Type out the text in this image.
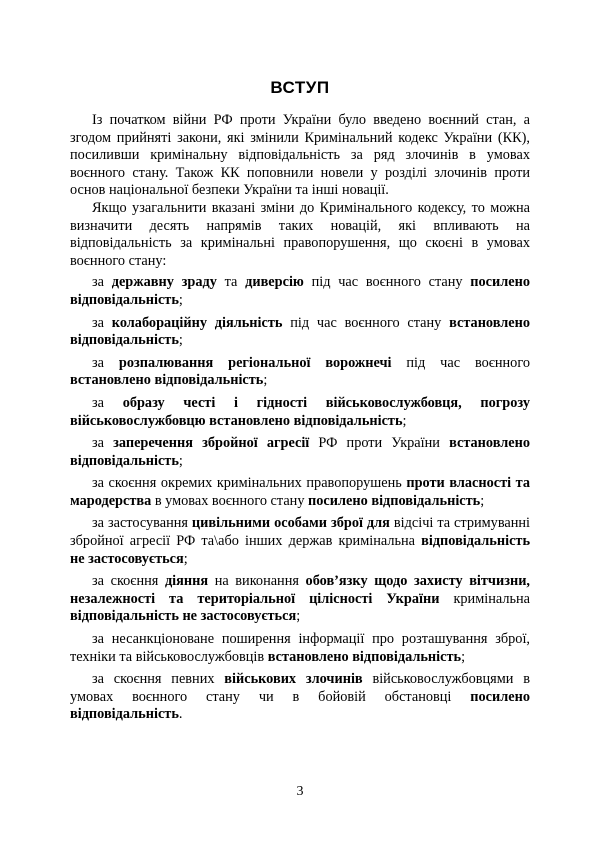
ВСТУП

Із початком війни РФ проти України було введено воєнний стан, а згодом прийняті закони, які змінили Кримінальний кодекс України (КК), посиливши кримінальну відповідальність за ряд злочинів в умовах воєнного стану. Також КК поповнили новели у розділі злочинів проти основ національної безпеки України та інші новації.

Якщо узагальнити вказані зміни до Кримінального кодексу, то можна визначити десять напрямів таких новацій, які впливають на відповідальність за кримінальні правопорушення, що скоєні в умовах воєнного стану:

за державну зраду та диверсію під час воєнного стану посилено відповідальність;

за колабораційну діяльність під час воєнного стану встановлено відповідальність;

за розпалювання регіональної ворожнечі під час воєнного встановлено відповідальність;

за образу честі і гідності військовослужбовця, погрозу військовослужбовцю встановлено відповідальність;

за заперечення збройної агресії РФ проти України встановлено відповідальність;

за скоєння окремих кримінальних правопорушень проти власності та мародерства в умовах воєнного стану посилено відповідальність;

за застосування цивільними особами зброї для відсічі та стримуванні збройної агресії РФ та\або інших держав кримінальна відповідальність не застосовується;

за скоєння діяння на виконання обов’язку щодо захисту вітчизни, незалежності та територіальної цілісності України кримінальна відповідальність не застосовується;

за несанкціоноване поширення інформації про розташування зброї, техніки та військовослужбовців встановлено відповідальність;

за скоєння певних військових злочинів військовослужбовцями в умовах воєнного стану чи в бойовій обстановці посилено відповідальність.

3
